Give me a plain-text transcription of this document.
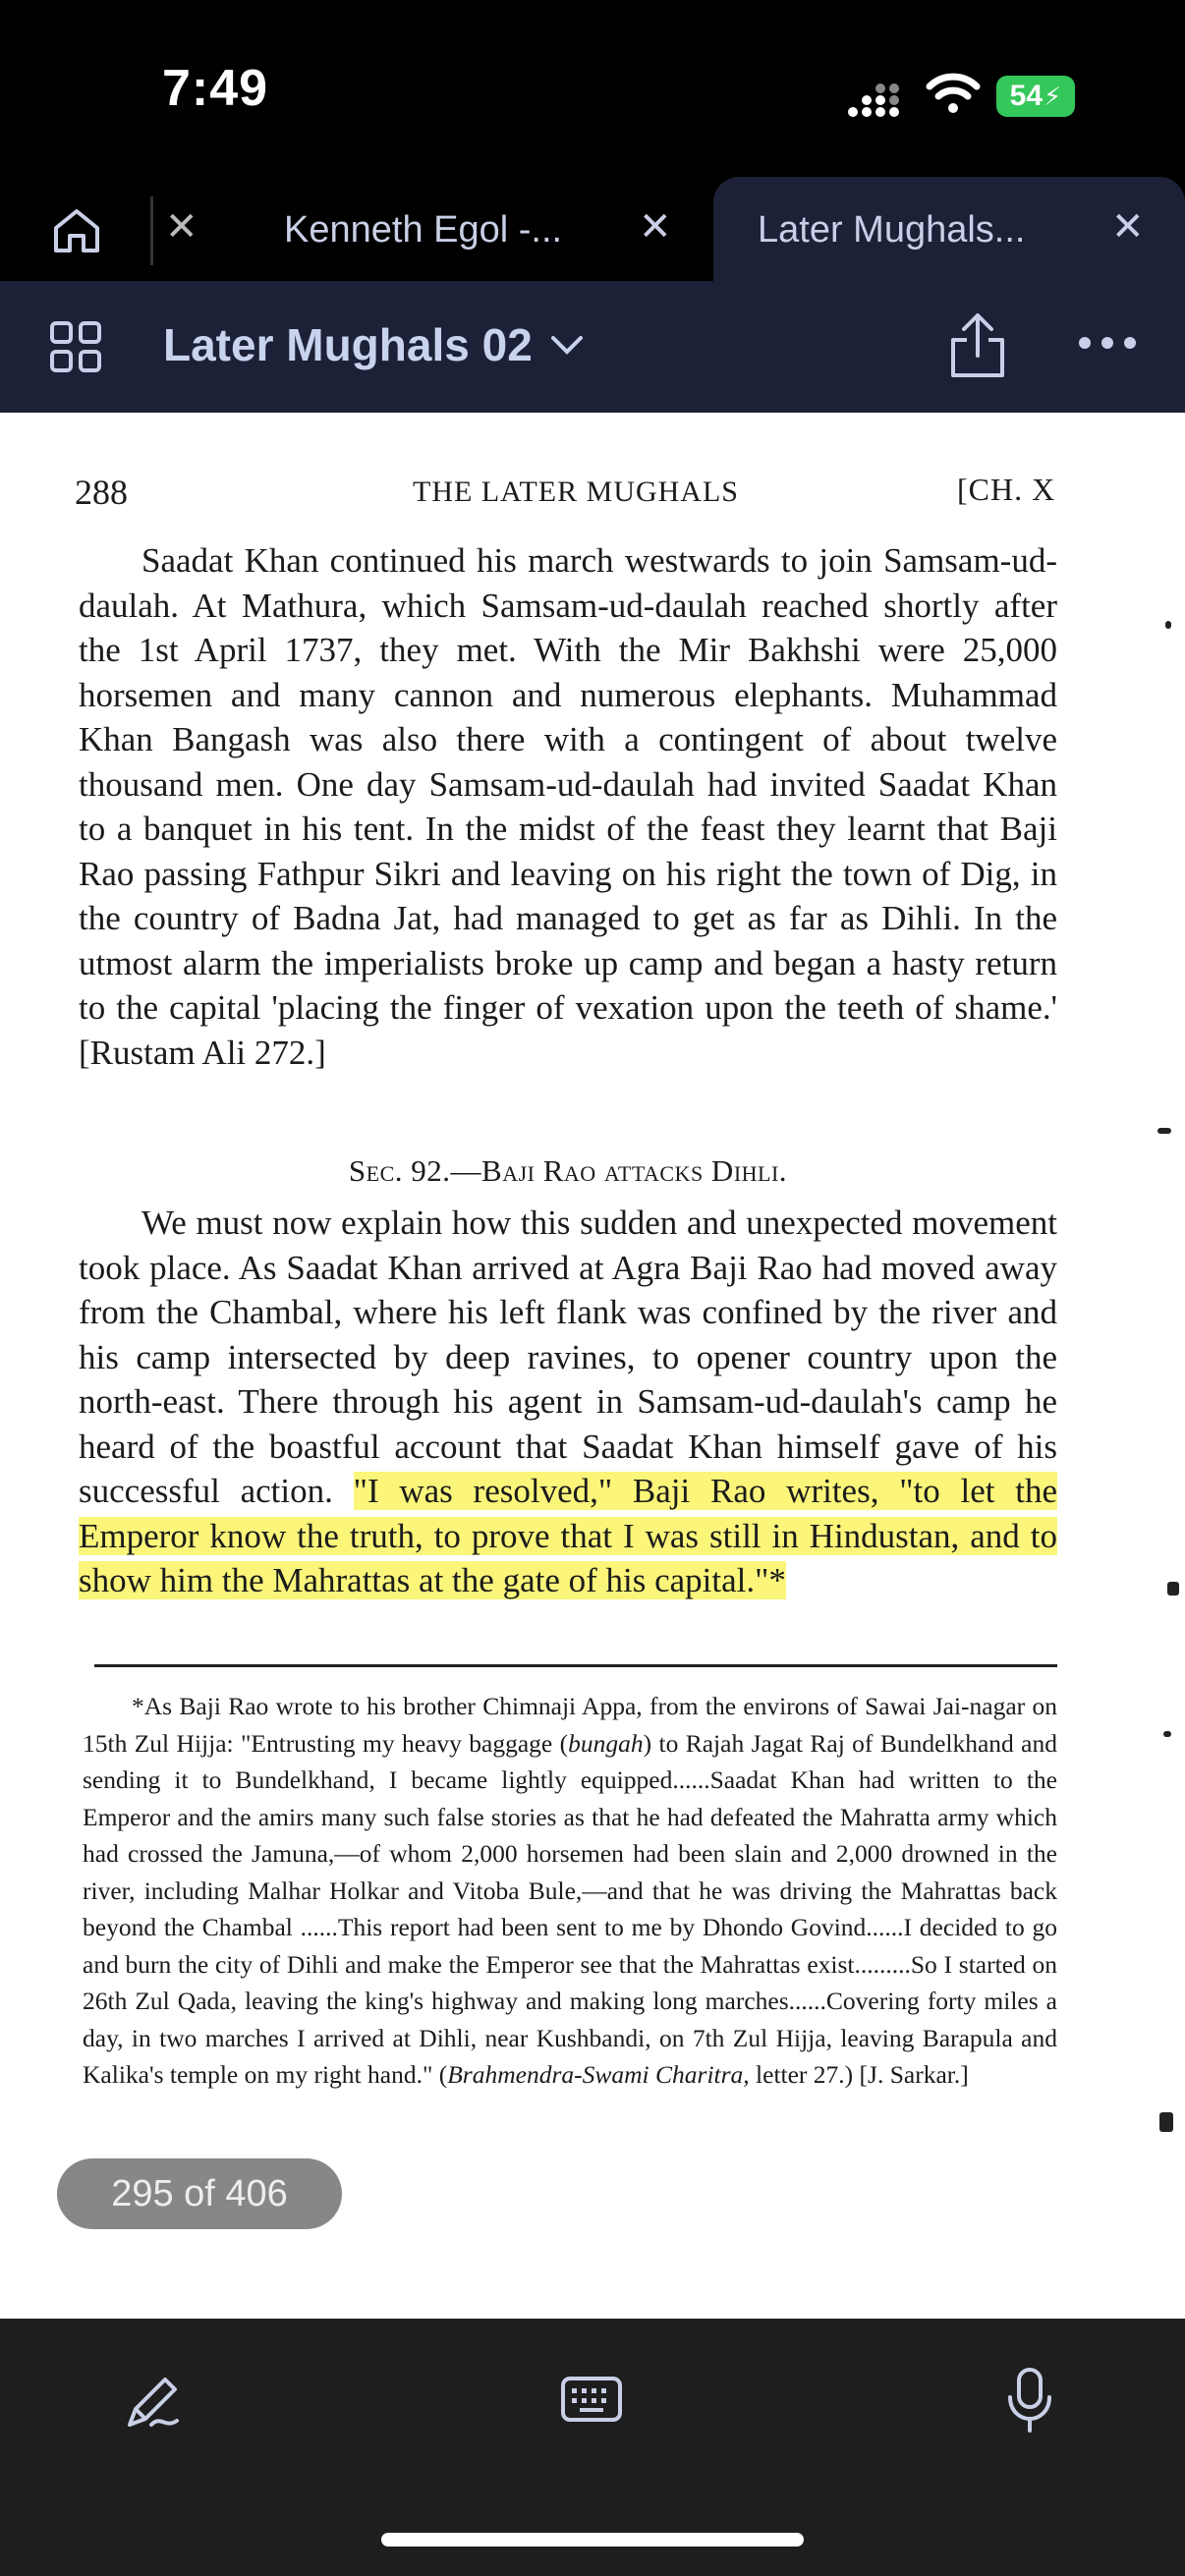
7:49	54 ⚡
✕ Kenneth Egol -... ✕ Later Mughals... ✕
Later Mughals 02
288	THE LATER MUGHALS	[CH. X

Saadat Khan continued his march westwards to join Samsam-ud-daulah. At Mathura, which Samsam-ud-daulah reached shortly after the 1st April 1737, they met. With the Mir Bakhshi were 25,000 horsemen and many cannon and numerous elephants. Muhammad Khan Bangash was also there with a contingent of about twelve thousand men. One day Samsam-ud-daulah had invited Saadat Khan to a banquet in his tent. In the midst of the feast they learnt that Baji Rao passing Fathpur Sikri and leaving on his right the town of Dig, in the country of Badna Jat, had managed to get as far as Dihli. In the utmost alarm the imperialists broke up camp and began a hasty return to the capital 'placing the finger of vexation upon the teeth of shame.' [Rustam Ali 272.]

Sec. 92.—Baji Rao attacks Dihli.

We must now explain how this sudden and unexpected movement took place. As Saadat Khan arrived at Agra Baji Rao had moved away from the Chambal, where his left flank was confined by the river and his camp intersected by deep ravines, to opener country upon the north-east. There through his agent in Samsam-ud-daulah's camp he heard of the boastful account that Saadat Khan himself gave of his successful action. "I was resolved," Baji Rao writes, "to let the Emperor know the truth, to prove that I was still in Hindustan, and to show him the Mahrattas at the gate of his capital."*

*As Baji Rao wrote to his brother Chimnaji Appa, from the environs of Sawai Jai-nagar on 15th Zul Hijja: "Entrusting my heavy baggage (bungah) to Rajah Jagat Raj of Bundelkhand and sending it to Bundelkhand, I became lightly equipped......Saadat Khan had written to the Emperor and the amirs many such false stories as that he had defeated the Mahratta army which had crossed the Jamuna,—of whom 2,000 horsemen had been slain and 2,000 drowned in the river, including Malhar Holkar and Vitoba Bule,—and that he was driving the Mahrattas back beyond the Chambal ......This report had been sent to me by Dhondo Govind......I decided to go and burn the city of Dihli and make the Emperor see that the Mahrattas exist.........So I started on 26th Zul Qada, leaving the king's highway and making long marches......Covering forty miles a day, in two marches I arrived at Dihli, near Kushbandi, on 7th Zul Hijja, leaving Barapula and Kalika's temple on my right hand." (Brahmendra-Swami Charitra, letter 27.) [J. Sarkar.]

295 of 406
